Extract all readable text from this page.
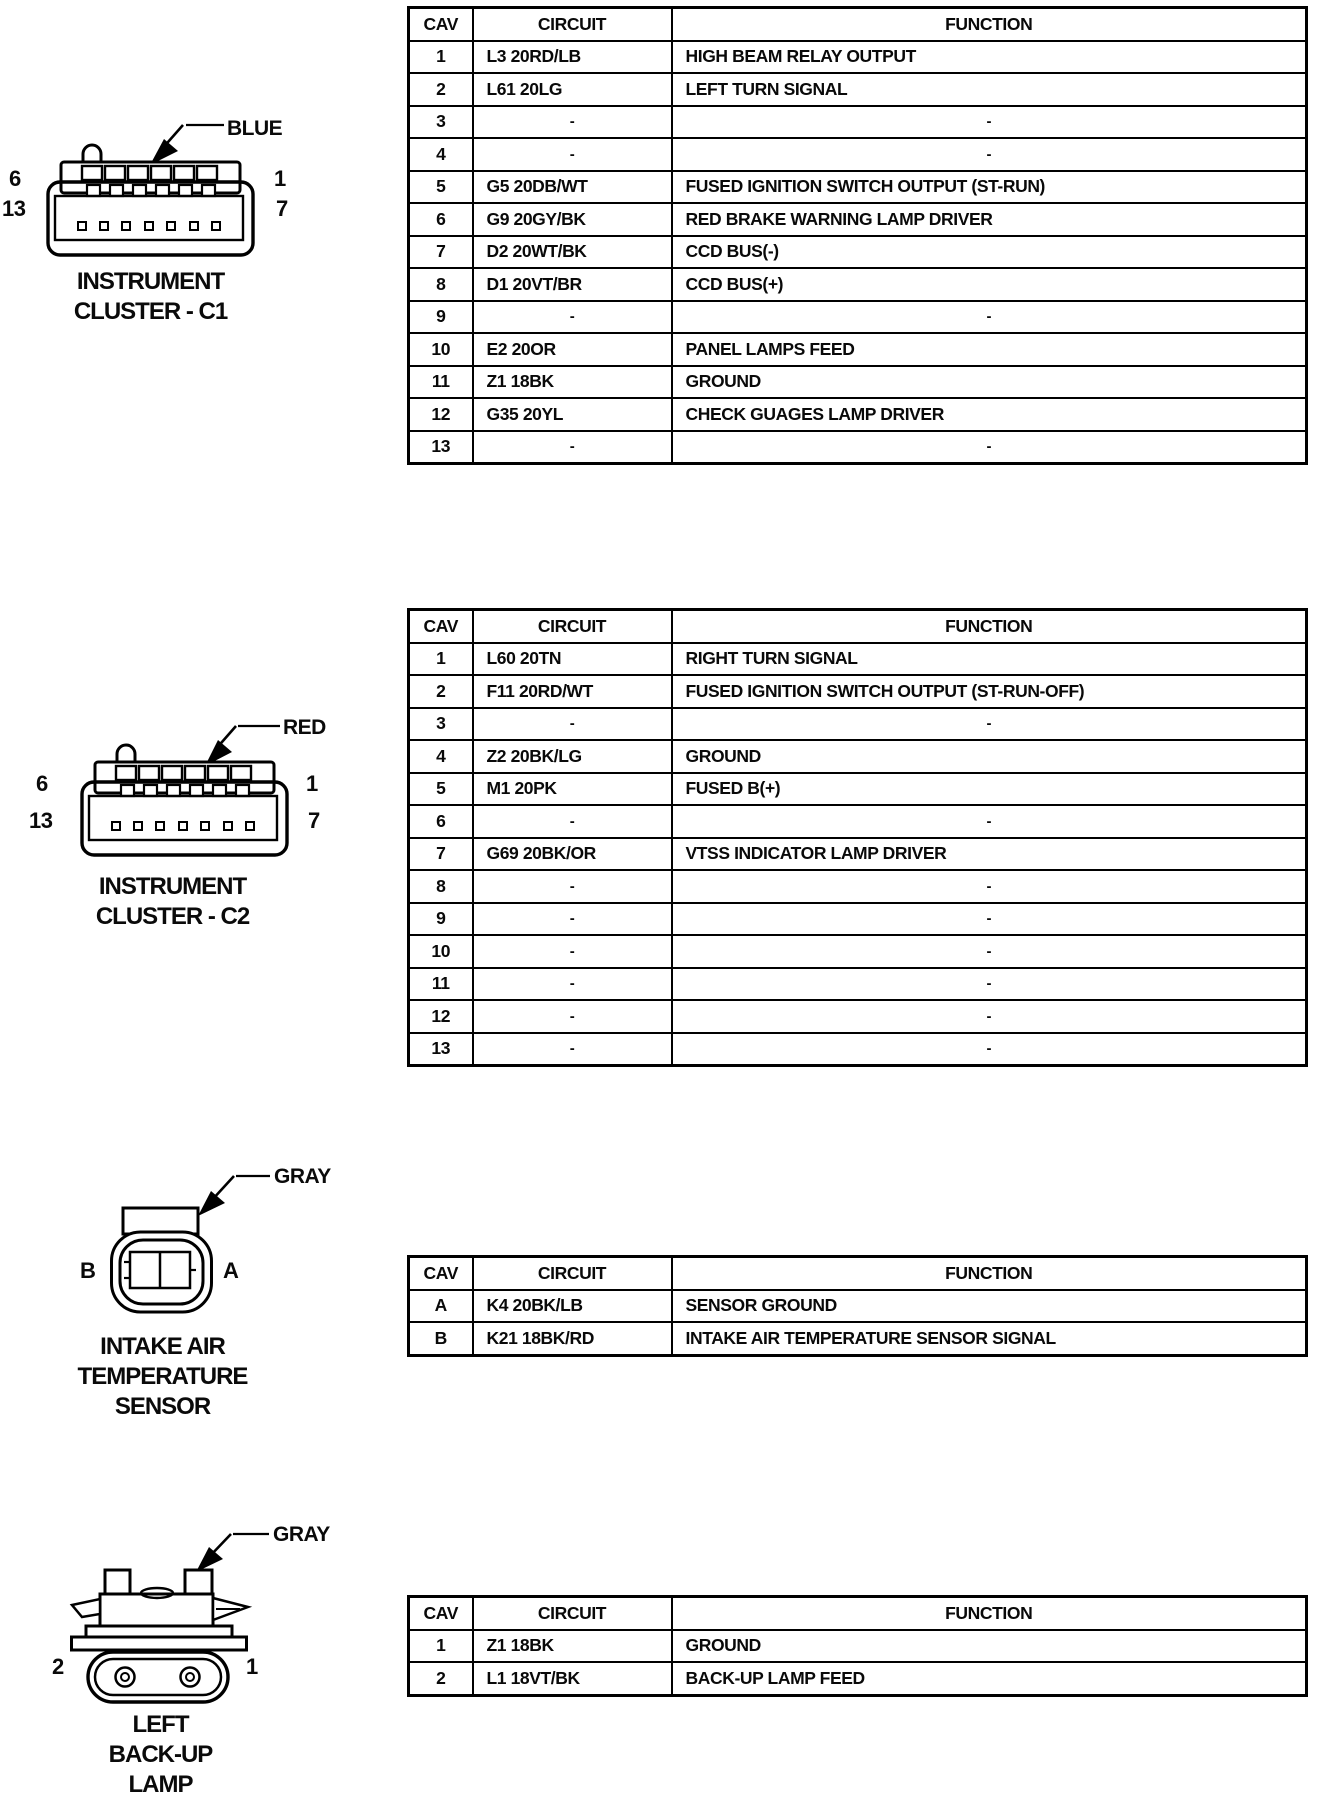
BLUE
6
13
1
7
INSTRUMENT
CLUSTER - C1
RED
6
13
1
7
INSTRUMENT
CLUSTER - C2
GRAY
B	A
INTAKE AIR
TEMPERATURE
SENSOR
GRAY
2	1
LEFT
BACK-UP
LAMP
CAV	CIRCUIT	FUNCTION
1	L3 20RD/LB	HIGH BEAM RELAY OUTPUT
2	L61 20LG	LEFT TURN SIGNAL
3	-	-
4	-	-
5	G5 20DB/WT	FUSED IGNITION SWITCH OUTPUT (ST-RUN)
6	G9 20GY/BK	RED BRAKE WARNING LAMP DRIVER
7	D2 20WT/BK	CCD BUS(-)
8	D1 20VT/BR	CCD BUS(+)
9	-	-
10	E2 20OR	PANEL LAMPS FEED
11	Z1 18BK	GROUND
12	G35 20YL	CHECK GUAGES LAMP DRIVER
13	-	-
CAV	CIRCUIT	FUNCTION
1	L60 20TN	RIGHT TURN SIGNAL
2	F11 20RD/WT	FUSED IGNITION SWITCH OUTPUT (ST-RUN-OFF)
3	-	-
4	Z2 20BK/LG	GROUND
5	M1 20PK	FUSED B(+)
6	-	-
7	G69 20BK/OR	VTSS INDICATOR LAMP DRIVER
8	-	-
9	-	-
10	-	-
11	-	-
12	-	-
13	-	-
CAV	CIRCUIT	FUNCTION
A	K4 20BK/LB	SENSOR GROUND
B	K21 18BK/RD	INTAKE AIR TEMPERATURE SENSOR SIGNAL
CAV	CIRCUIT	FUNCTION
1	Z1 18BK	GROUND
2	L1 18VT/BK	BACK-UP LAMP FEED
